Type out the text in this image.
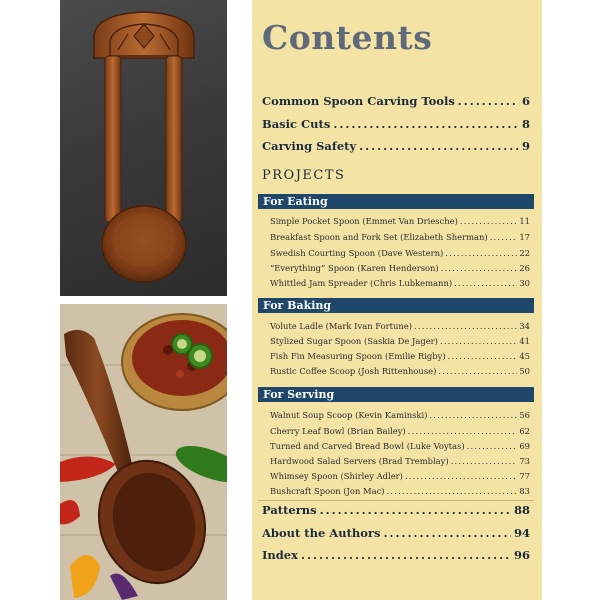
Contents
Common Spoon Carving Tools .....	6
Basic Cuts .....	8
Carving Safety .....	9
PROJECTS
For Eating
Simple Pocket Spoon (Emmet Van Driesche) .....	11
Breakfast Spoon and Fork Set (Elizabeth Sherman) .....	17
Swedish Courting Spoon (Dave Western) .....	22
“Everything” Spoon (Karen Henderson) .....	26
Whittled Jam Spreader (Chris Lubkemann) .....	30
For Baking
Volute Ladle (Mark Ivan Fortune) .....	34
Stylized Sugar Spoon (Saskia De Jager) .....	41
Fish Fin Measuring Spoon (Emilie Rigby) .....	45
Rustic Coffee Scoop (Josh Rittenhouse) .....	50
For Serving
Walnut Soup Scoop (Kevin Kaminski) .....	56
Cherry Leaf Bowl (Brian Bailey) .....	62
Turned and Carved Bread Bowl (Luke Voytas) .....	69
Hardwood Salad Servers (Brad Tremblay) .....	73
Whimsey Spoon (Shirley Adler) .....	77
Bushcraft Spoon (Jon Mac) .....	83
Patterns .....	88
About the Authors .....	94
Index .....	96
